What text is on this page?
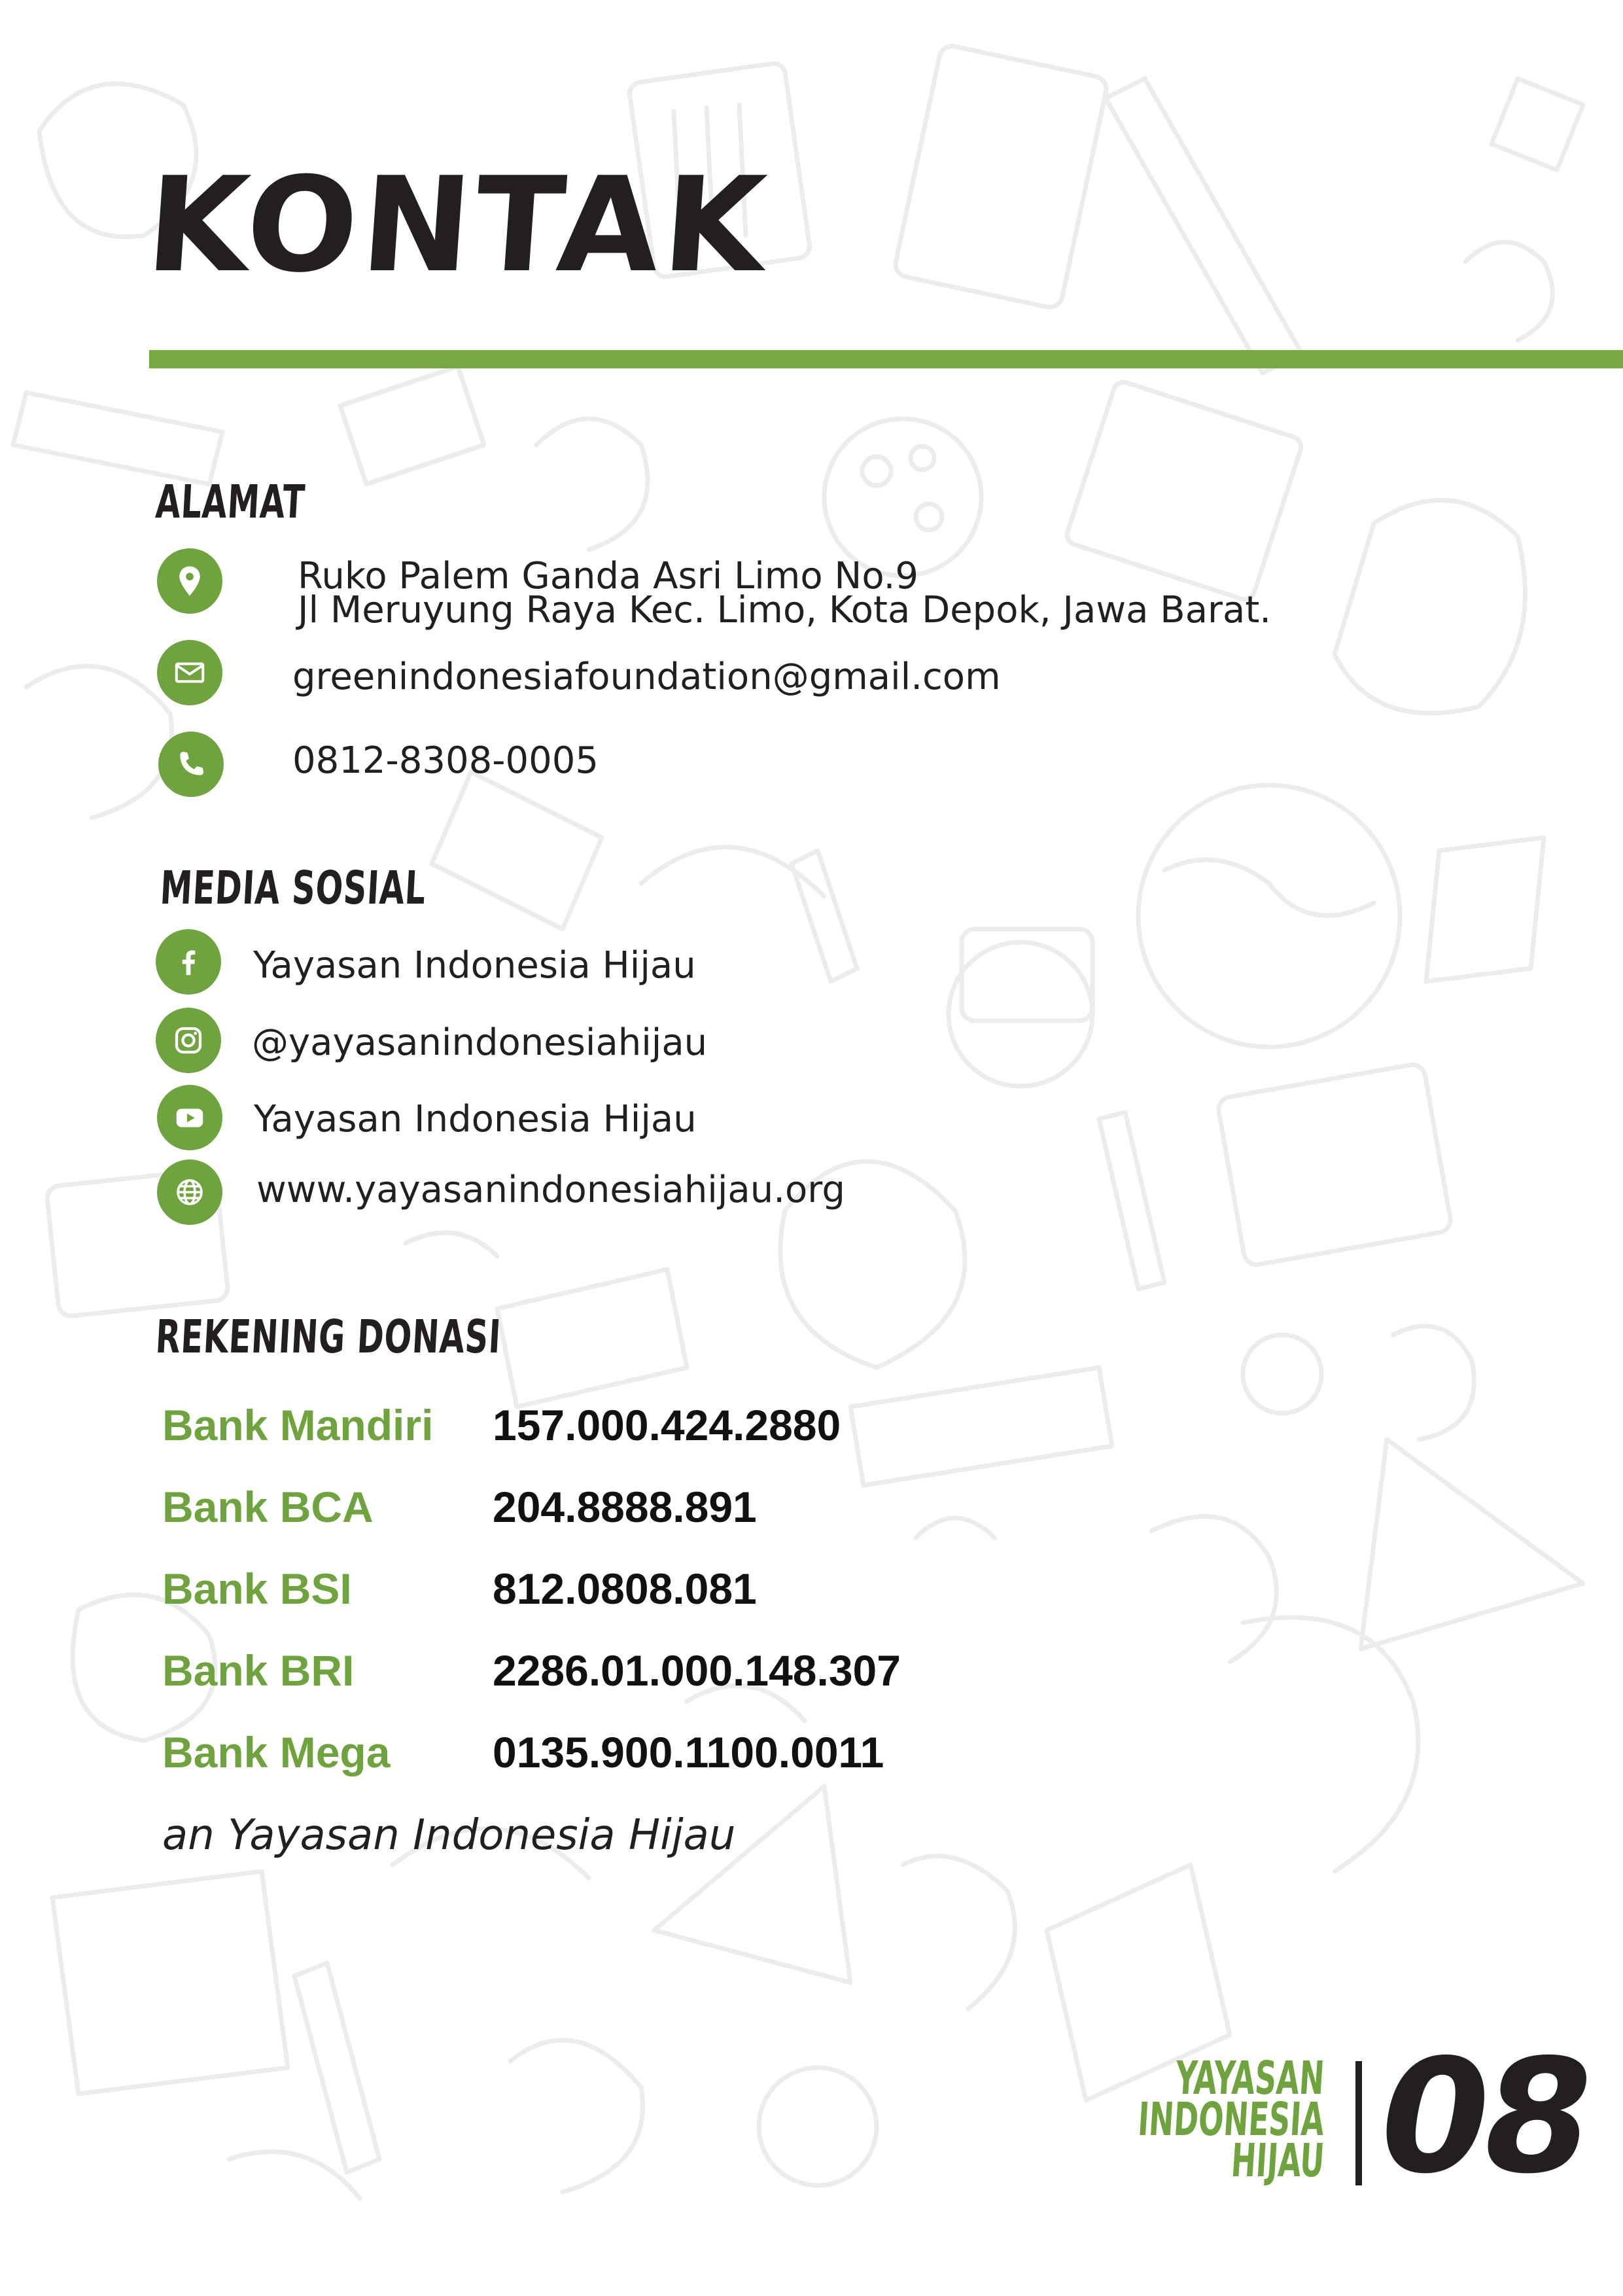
KONTAK
ALAMAT
Ruko Palem Ganda Asri Limo No.9
Jl Meruyung Raya Kec. Limo, Kota Depok, Jawa Barat.
greenindonesiafoundation@gmail.com
0812-8308-0005
MEDIA SOSIAL
Yayasan Indonesia Hijau
@yayasanindonesiahijau
Yayasan Indonesia Hijau
www.yayasanindonesiahijau.org
REKENING DONASI
Bank Mandiri	157.000.424.2880
Bank BCA	204.8888.891
Bank BSI	812.0808.081
Bank BRI	2286.01.000.148.307
Bank Mega	0135.900.1100.0011
an Yayasan Indonesia Hijau
YAYASAN
INDONESIA
HIJAU 08
